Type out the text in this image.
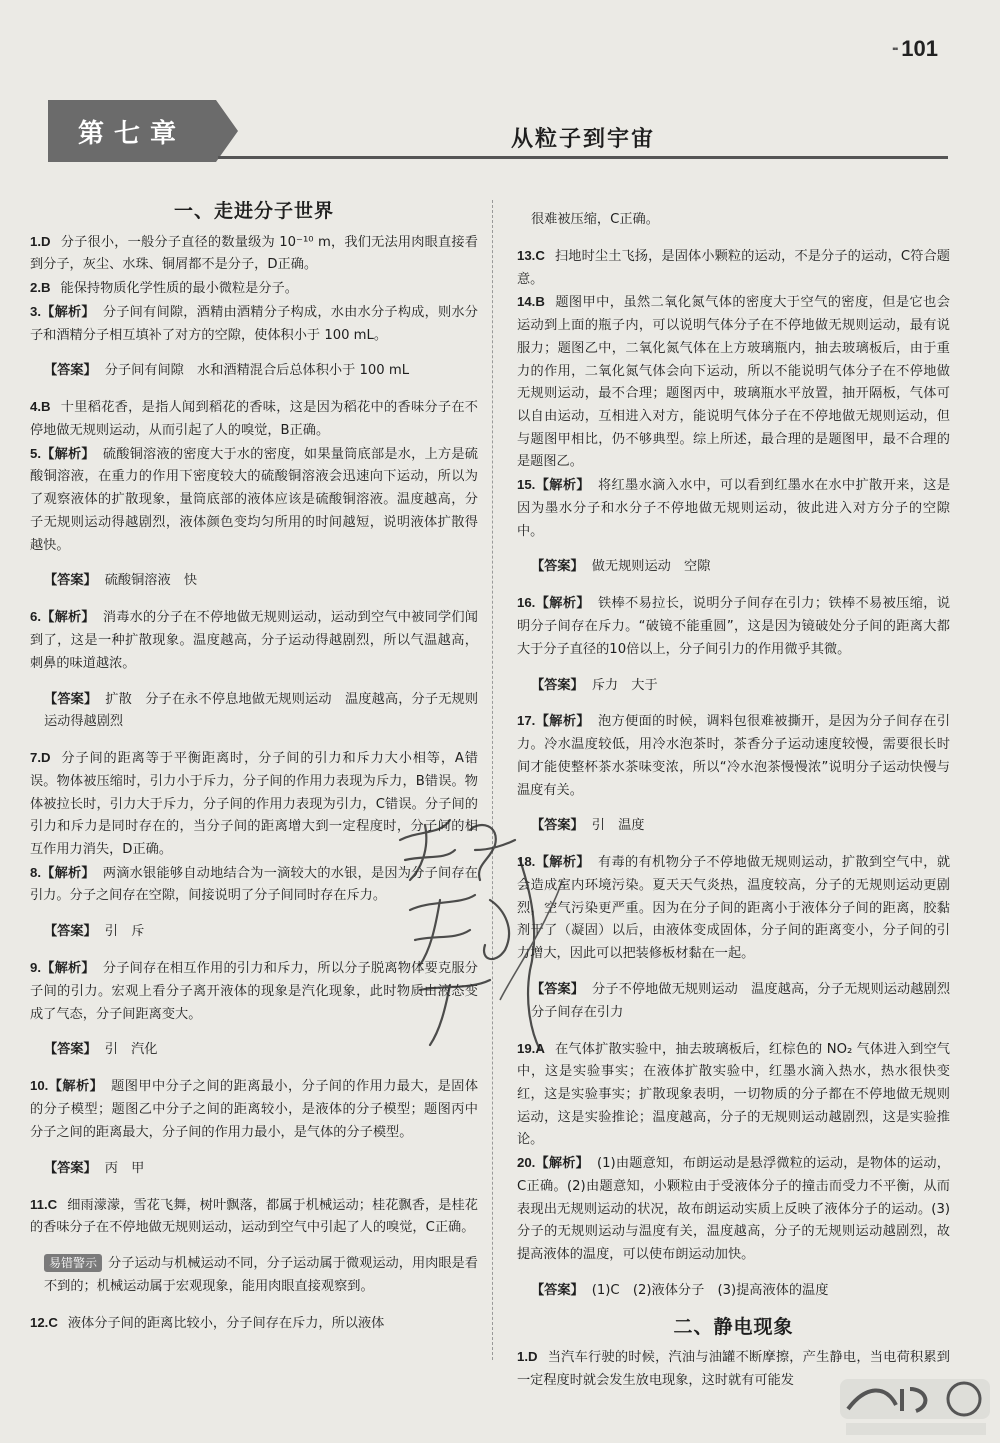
▪▪ 101
第七章	从粒子到宇宙
一、走进分子世界

1.D 分子很小，一般分子直径的数量级为 10⁻¹⁰ m，我们无法用肉眼直接看到分子，灰尘、水珠、铜屑都不是分子，D正确。

2.B 能保持物质化学性质的最小微粒是分子。

3.【解析】 分子间有间隙，酒精由酒精分子构成，水由水分子构成，则水分子和酒精分子相互填补了对方的空隙，使体积小于 100 mL。

【答案】 分子间有间隙　水和酒精混合后总体积小于 100 mL

4.B 十里稻花香，是指人闻到稻花的香味，这是因为稻花中的香味分子在不停地做无规则运动，从而引起了人的嗅觉，B正确。

5.【解析】 硫酸铜溶液的密度大于水的密度，如果量筒底部是水，上方是硫酸铜溶液，在重力的作用下密度较大的硫酸铜溶液会迅速向下运动，所以为了观察液体的扩散现象，量筒底部的液体应该是硫酸铜溶液。温度越高，分子无规则运动得越剧烈，液体颜色变均匀所用的时间越短，说明液体扩散得越快。

【答案】 硫酸铜溶液　快

6.【解析】 消毒水的分子在不停地做无规则运动，运动到空气中被同学们闻到了，这是一种扩散现象。温度越高，分子运动得越剧烈，所以气温越高，刺鼻的味道越浓。

【答案】 扩散　分子在永不停息地做无规则运动　温度越高，分子无规则运动得越剧烈

7.D 分子间的距离等于平衡距离时，分子间的引力和斥力大小相等，A错误。物体被压缩时，引力小于斥力，分子间的作用力表现为斥力，B错误。物体被拉长时，引力大于斥力，分子间的作用力表现为引力，C错误。分子间的引力和斥力是同时存在的，当分子间的距离增大到一定程度时，分子间的相互作用力消失，D正确。

8.【解析】 两滴水银能够自动地结合为一滴较大的水银，是因为分子间存在引力。分子之间存在空隙，间接说明了分子间同时存在斥力。

【答案】 引　斥

9.【解析】 分子间存在相互作用的引力和斥力，所以分子脱离物体要克服分子间的引力。宏观上看分子离开液体的现象是汽化现象，此时物质由液态变成了气态，分子间距离变大。

【答案】 引　汽化

10.【解析】 题图甲中分子之间的距离最小，分子间的作用力最大，是固体的分子模型；题图乙中分子之间的距离较小，是液体的分子模型；题图丙中分子之间的距离最大，分子间的作用力最小，是气体的分子模型。

【答案】 丙　甲

11.C 细雨濛濛，雪花飞舞，树叶飘落，都属于机械运动；桂花飘香，是桂花的香味分子在不停地做无规则运动，运动到空气中引起了人的嗅觉，C正确。

易错警示 分子运动与机械运动不同，分子运动属于微观运动，用肉眼是看不到的；机械运动属于宏观现象，能用肉眼直接观察到。

12.C 液体分子间的距离比较小，分子间存在斥力，所以液体

很难被压缩，C正确。

13.C 扫地时尘土飞扬，是固体小颗粒的运动，不是分子的运动，C符合题意。

14.B 题图甲中，虽然二氧化氮气体的密度大于空气的密度，但是它也会运动到上面的瓶子内，可以说明气体分子在不停地做无规则运动，最有说服力；题图乙中，二氧化氮气体在上方玻璃瓶内，抽去玻璃板后，由于重力的作用，二氧化氮气体会向下运动，所以不能说明气体分子在不停地做无规则运动，最不合理；题图丙中，玻璃瓶水平放置，抽开隔板，气体可以自由运动，互相进入对方，能说明气体分子在不停地做无规则运动，但与题图甲相比，仍不够典型。综上所述，最合理的是题图甲，最不合理的是题图乙。

15.【解析】 将红墨水滴入水中，可以看到红墨水在水中扩散开来，这是因为墨水分子和水分子不停地做无规则运动，彼此进入对方分子的空隙中。

【答案】 做无规则运动　空隙

16.【解析】 铁棒不易拉长，说明分子间存在引力；铁棒不易被压缩，说明分子间存在斥力。“破镜不能重圆”，这是因为镜破处分子间的距离大都大于分子直径的10倍以上，分子间引力的作用微乎其微。

【答案】 斥力　大于

17.【解析】 泡方便面的时候，调料包很难被撕开，是因为分子间存在引力。冷水温度较低，用冷水泡茶时，茶香分子运动速度较慢，需要很长时间才能使整杯茶水茶味变浓，所以“冷水泡茶慢慢浓”说明分子运动快慢与温度有关。

【答案】 引　温度

18.【解析】 有毒的有机物分子不停地做无规则运动，扩散到空气中，就会造成室内环境污染。夏天天气炎热，温度较高，分子的无规则运动更剧烈，空气污染更严重。因为在分子间的距离小于液体分子间的距离，胶黏剂干了（凝固）以后，由液体变成固体，分子间的距离变小，分子间的引力增大，因此可以把装修板材黏在一起。

【答案】 分子不停地做无规则运动　温度越高，分子无规则运动越剧烈　分子间存在引力

19.A 在气体扩散实验中，抽去玻璃板后，红棕色的 NO₂ 气体进入到空气中，这是实验事实；在液体扩散实验中，红墨水滴入热水，热水很快变红，这是实验事实；扩散现象表明，一切物质的分子都在不停地做无规则运动，这是实验推论；温度越高，分子的无规则运动越剧烈，这是实验推论。

20.【解析】 (1)由题意知，布朗运动是悬浮微粒的运动，是物体的运动，C正确。(2)由题意知，小颗粒由于受液体分子的撞击而受力不平衡，从而表现出无规则运动的状况，故布朗运动实质上反映了液体分子的运动。(3)分子的无规则运动与温度有关，温度越高，分子的无规则运动越剧烈，故提高液体的温度，可以使布朗运动加快。

【答案】 (1)C　(2)液体分子　(3)提高液体的温度

二、静电现象

1.D 当汽车行驶的时候，汽油与油罐不断摩擦，产生静电，当电荷积累到一定程度时就会发生放电现象，这时就有可能发
